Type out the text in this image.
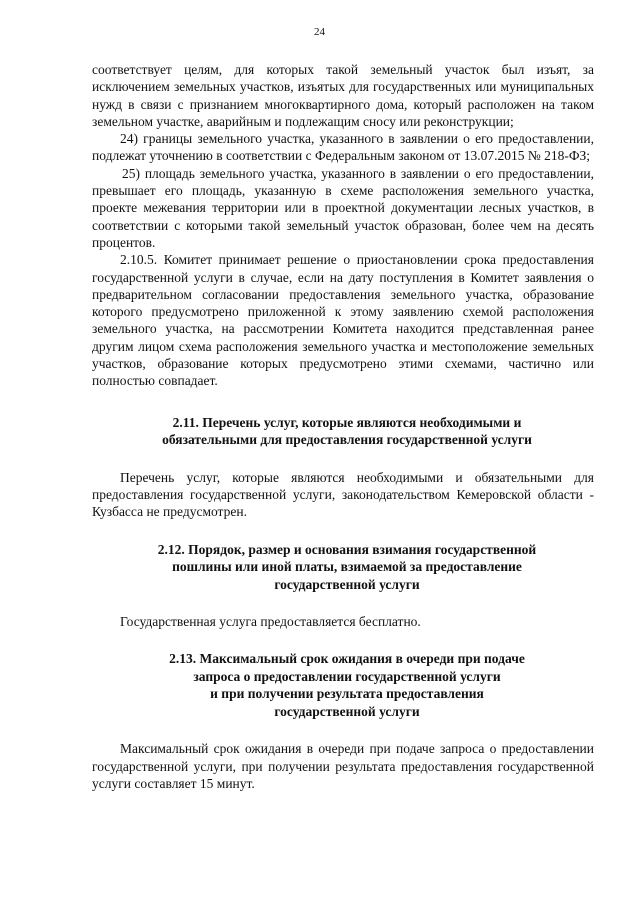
24

соответствует целям, для которых такой земельный участок был изъят, за исключением земельных участков, изъятых для государственных или муниципальных нужд в связи с признанием многоквартирного дома, который расположен на таком земельном участке, аварийным и подлежащим сносу или реконструкции;

24) границы земельного участка, указанного в заявлении о его предоставлении, подлежат уточнению в соответствии с Федеральным законом от 13.07.2015 № 218-ФЗ;

25) площадь земельного участка, указанного в заявлении о его предоставлении, превышает его площадь, указанную в схеме расположения земельного участка, проекте межевания территории или в проектной документации лесных участков, в соответствии с которыми такой земельный участок образован, более чем на десять процентов.

2.10.5. Комитет принимает решение о приостановлении срока предоставления государственной услуги в случае, если на дату поступления в Комитет заявления о предварительном согласовании предоставления земельного участка, образование которого предусмотрено приложенной к этому заявлению схемой расположения земельного участка, на рассмотрении Комитета находится представленная ранее другим лицом схема расположения земельного участка и местоположение земельных участков, образование которых предусмотрено этими схемами, частично или полностью совпадает.

2.11. Перечень услуг, которые являются необходимыми и
обязательными для предоставления государственной услуги

Перечень услуг, которые являются необходимыми и обязательными для предоставления государственной услуги, законодательством Кемеровской области - Кузбасса не предусмотрен.

2.12. Порядок, размер и основания взимания государственной
пошлины или иной платы, взимаемой за предоставление
государственной услуги

Государственная услуга предоставляется бесплатно.

2.13. Максимальный срок ожидания в очереди при подаче
запроса о предоставлении государственной услуги
и при получении результата предоставления
государственной услуги

Максимальный срок ожидания в очереди при подаче запроса о предоставлении государственной услуги, при получении результата предоставления государственной услуги составляет 15 минут.
